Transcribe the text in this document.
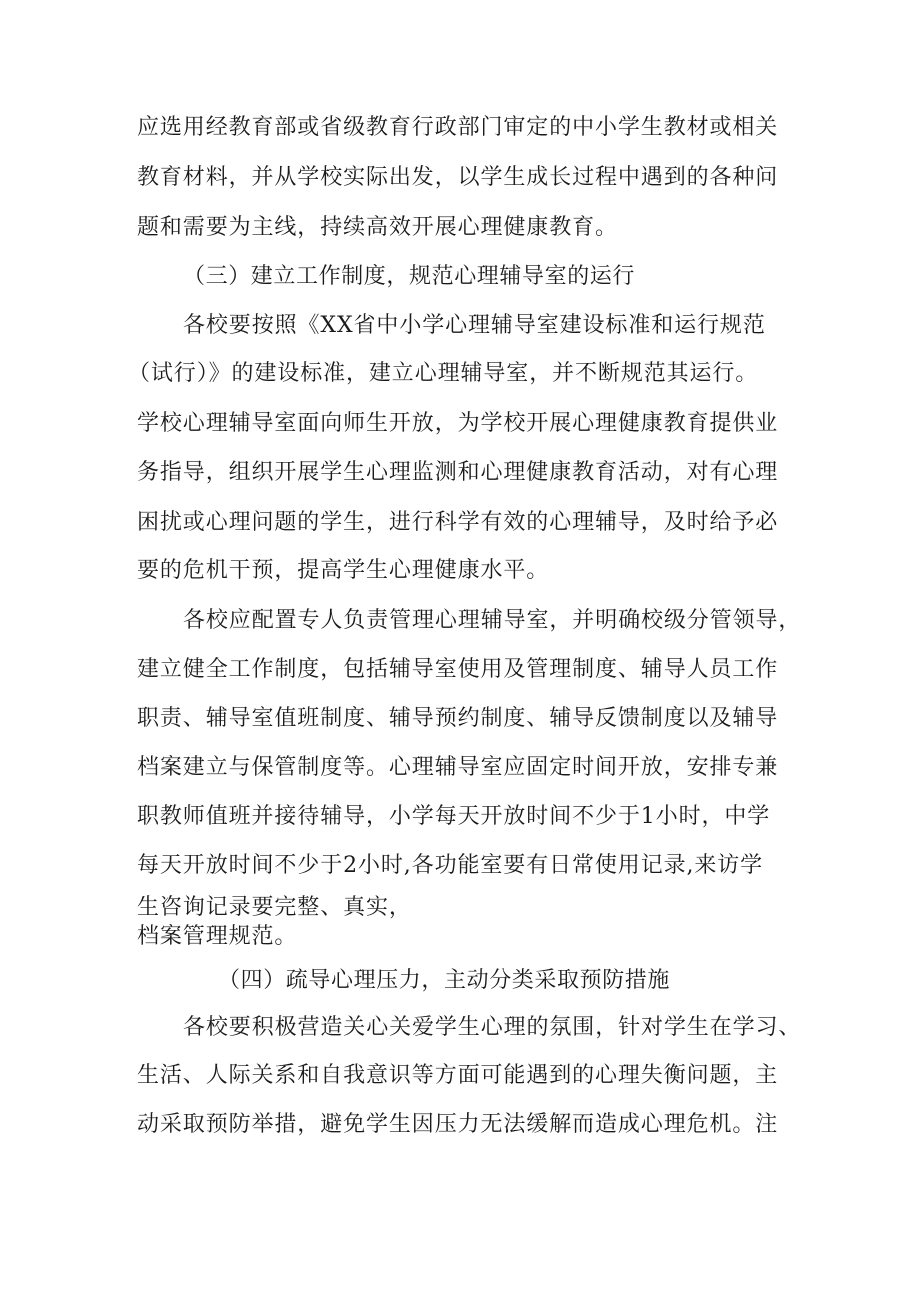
应选用经教育部或省级教育行政部门审定的中小学生教材或相关
教育材料，并从学校实际出发，以学生成长过程中遇到的各种问
题和需要为主线，持续高效开展心理健康教育。
（三）建立工作制度，规范心理辅导室的运行
各校要按照《XX省中小学心理辅导室建设标准和运行规范
（试行）》的建设标准，建立心理辅导室，并不断规范其运行。
学校心理辅导室面向师生开放，为学校开展心理健康教育提供业
务指导，组织开展学生心理监测和心理健康教育活动，对有心理
困扰或心理问题的学生，进行科学有效的心理辅导，及时给予必
要的危机干预，提高学生心理健康水平。
各校应配置专人负责管理心理辅导室，并明确校级分管领导，
建立健全工作制度，包括辅导室使用及管理制度、辅导人员工作
职责、辅导室值班制度、辅导预约制度、辅导反馈制度以及辅导
档案建立与保管制度等。心理辅导室应固定时间开放，安排专兼
职教师值班并接待辅导，小学每天开放时间不少于1小时，中学
每天开放时间不少于2小时,各功能室要有日常使用记录,来访学
生咨询记录要完整、真实，
档案管理规范。
（四）疏导心理压力，主动分类采取预防措施
各校要积极营造关心关爱学生心理的氛围，针对学生在学习、
生活、人际关系和自我意识等方面可能遇到的心理失衡问题，主
动采取预防举措，避免学生因压力无法缓解而造成心理危机。注
